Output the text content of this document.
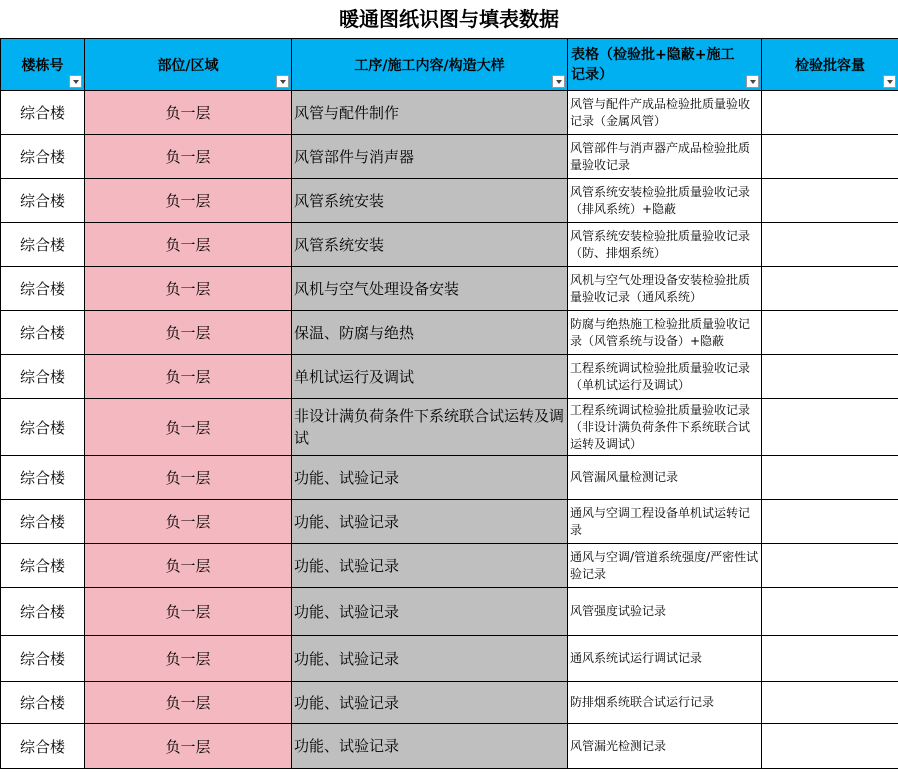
暖通图纸识图与填表数据
楼栋号	部位/区域	工序/施工内容/构造大样	表格（检验批+隐蔽+施工记录）	检验批容量

综合楼	负一层	风管与配件制作	风管与配件产成品检验批质量验收记录（金属风管）	
综合楼	负一层	风管部件与消声器	风管部件与消声器产成品检验批质量验收记录	
综合楼	负一层	风管系统安装	风管系统安装检验批质量验收记录（排风系统）+隐蔽	
综合楼	负一层	风管系统安装	风管系统安装检验批质量验收记录（防、排烟系统）	
综合楼	负一层	风机与空气处理设备安装	风机与空气处理设备安装检验批质量验收记录（通风系统）	
综合楼	负一层	保温、防腐与绝热	防腐与绝热施工检验批质量验收记录（风管系统与设备）+隐蔽	
综合楼	负一层	单机试运行及调试	工程系统调试检验批质量验收记录（单机试运行及调试）	
综合楼	负一层	非设计满负荷条件下系统联合试运转及调试	工程系统调试检验批质量验收记录（非设计满负荷条件下系统联合试运转及调试）	
综合楼	负一层	功能、试验记录	风管漏风量检测记录	
综合楼	负一层	功能、试验记录	通风与空调工程设备单机试运转记录	
综合楼	负一层	功能、试验记录	通风与空调/管道系统强度/严密性试验记录	
综合楼	负一层	功能、试验记录	风管强度试验记录	
综合楼	负一层	功能、试验记录	通风系统试运行调试记录	
综合楼	负一层	功能、试验记录	防排烟系统联合试运行记录	
综合楼	负一层	功能、试验记录	风管漏光检测记录	
